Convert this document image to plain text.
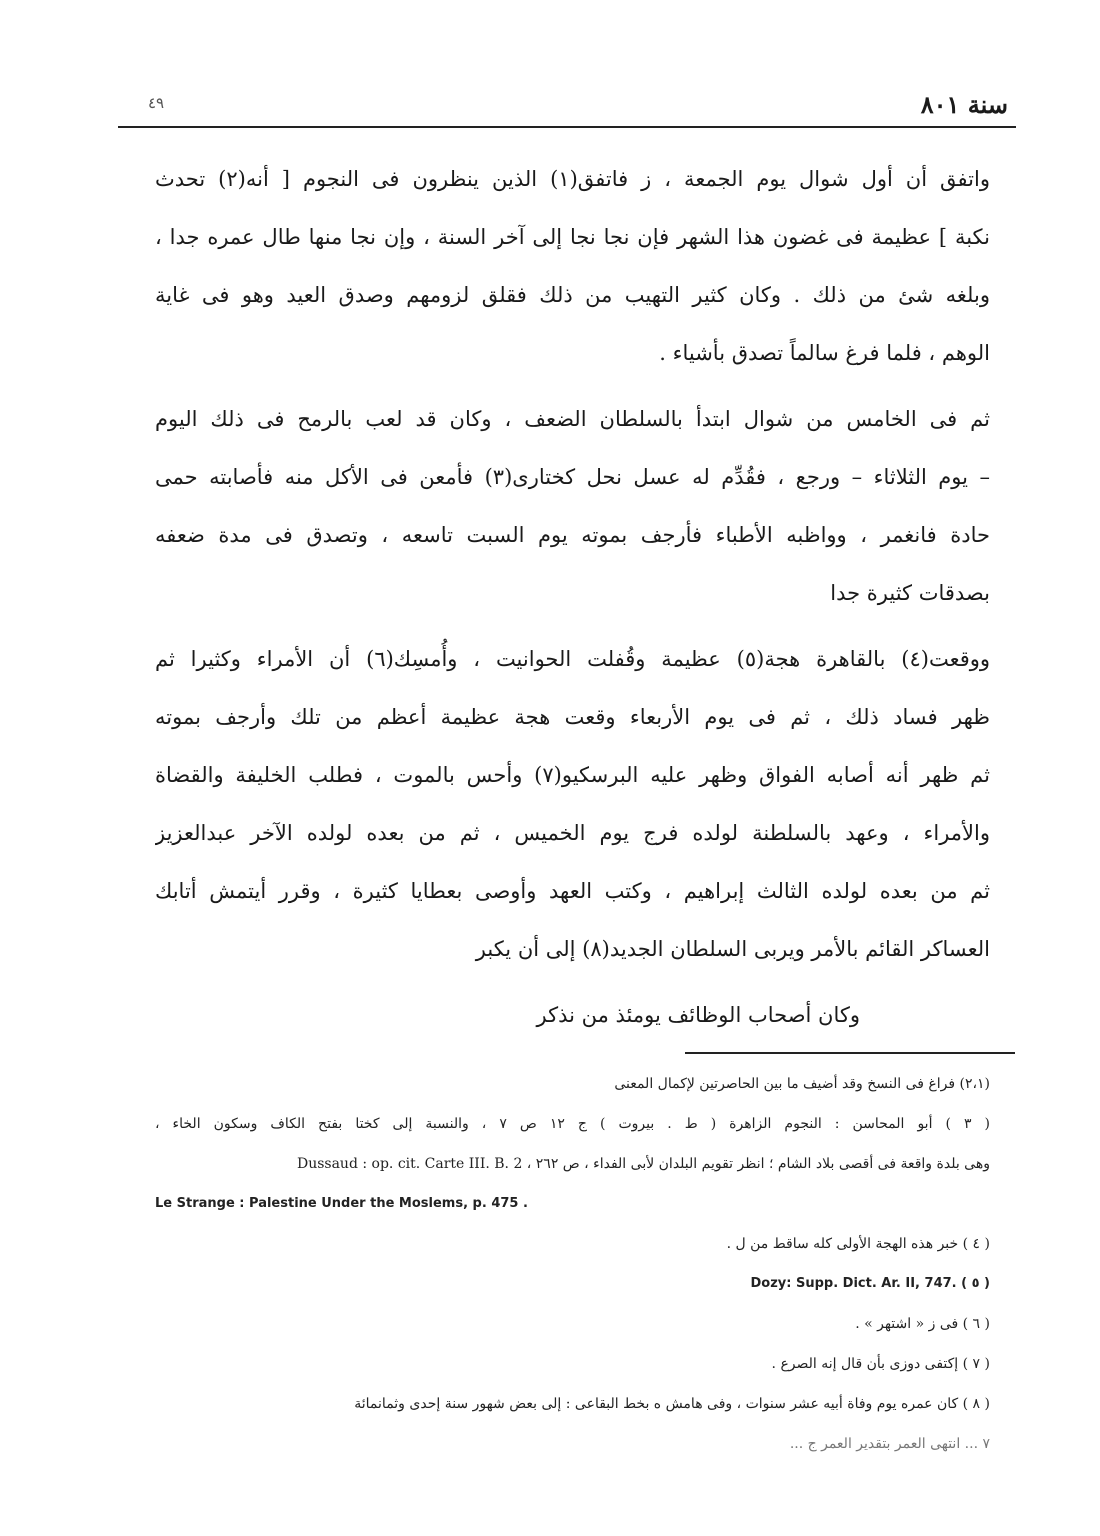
سنة ٨٠١
٤٩
واتفق أن أول شوال يوم الجمعة ، ز فاتفق(١) الذين ينظرون فى النجوم [ أنه(٢) تحدث
نكبة ] عظيمة فى غضون هذا الشهر فإن نجا نجا إلى آخر السنة ، وإن نجا منها طال عمره جدا ،
وبلغه شئ من ذلك . وكان كثير التهيب من ذلك فقلق لزومهم وصدق العيد وهو فى غاية
الوهم ، فلما فرغ سالماً تصدق بأشياء .
ثم فى الخامس من شوال ابتدأ بالسلطان الضعف ، وكان قد لعب بالرمح فى ذلك اليوم
– يوم الثلاثاء – ورجع ، فقُدِّم له عسل نحل كختارى(٣) فأمعن فى الأكل منه فأصابته حمى
حادة فانغمر ، وواظبه الأطباء فأرجف بموته يوم السبت تاسعه ، وتصدق فى مدة ضعفه
بصدقات كثيرة جدا
ووقعت(٤) بالقاهرة هجة(٥) عظيمة وقُفلت الحوانيت ، وأُمسِك(٦) أن الأمراء وكثيرا ثم
ظهر فساد ذلك ، ثم فى يوم الأربعاء وقعت هجة عظيمة أعظم من تلك وأرجف بموته
ثم ظهر أنه أصابه الفواق وظهر عليه البرسكيو(٧) وأحس بالموت ، فطلب الخليفة والقضاة
والأمراء ، وعهد بالسلطنة لولده فرج يوم الخميس ، ثم من بعده لولده الآخر عبدالعزيز
ثم من بعده لولده الثالث إبراهيم ، وكتب العهد وأوصى بعطايا كثيرة ، وقرر أيتمش أتابك
العساكر القائم بالأمر ويربى السلطان الجديد(٨) إلى أن يكبر
وكان أصحاب الوظائف يومئذ من نذكر
(٢،١) فراغ فى النسخ وقد أضيف ما بين الحاصرتين لإكمال المعنى
( ٣ ) أبو المحاسن : النجوم الزاهرة ( ط . بيروت ) ج ١٢ ص ٧ ، والنسبة إلى كختا بفتح الكاف وسكون الخاء ،
وهى بلدة واقعة فى أقصى بلاد الشام ؛ انظر تقويم البلدان لأبى الفداء ، ص ٢٦٢ ، Dussaud : op. cit. Carte III. B. 2
Le Strange : Palestine Under the Moslems, p. 475 .
( ٤ ) خبر هذه الهجة الأولى كله ساقط من ل .
Dozy: Supp. Dict. Ar. II, 747. ( ٥ )
( ٦ ) فى ز « اشتهر » .
( ٧ ) إكتفى دوزى بأن قال إنه الصرع .
( ٨ ) كان عمره يوم وفاة أبيه عشر سنوات ، وفى هامش ه بخط البقاعى : إلى بعض شهور سنة إحدى وثمانمائة
٧ ... انتهى العمر بتقدير العمر ج ...
